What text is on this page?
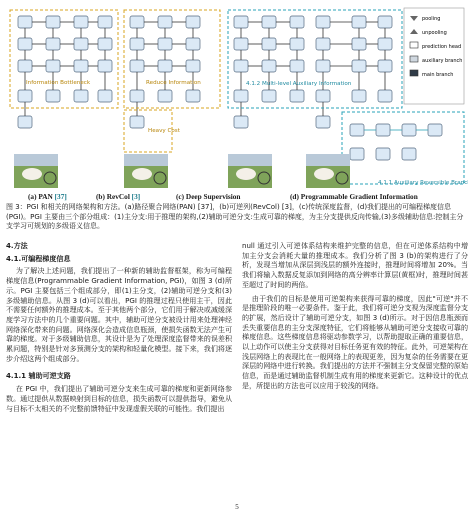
Information Bottleneck	Reduce Information
Heavy Cost
4.1.2 Multi-level Auxiliary Information
4.1.1 Auxiliary Reversible Branch
pooling
unpooling
prediction head
auxiliary branch
main branch
(a) PAN [37]	(b) RevCol [3]	(c) Deep Supervision	(d) Programmable Gradient Information
图 3：PGI 和相关的网络架构和方法。(a)路径聚合网络(PAN) [37]，(b)可逆列(RevCol) [3]，(c)传统深度监督，(d)我们提出的可编程梯度信息(PGI)。PGI 主要由三个部分组成：(1)主分支:用于推理的架构,(2)辅助可逆分支:生成可靠的梯度，为主分支提供反向传输,(3)多级辅助信息:控制主分支学习可规划的多级语义信息。
4.方法
4.1.可编程梯度信息

为了解决上述问题，我们提出了一种新的辅助监督框架，称为可编程梯度信息(Programmable Gradient Information, PGI)，如图 3 (d)所示。PGI 主要包括三个组成部分，即(1)主分支，(2)辅助可逆分支和(3)多级辅助信息。从图 3 (d)可以看出，PGI 的推理过程只使用主干，因此不需要任何额外的推理成本。至于其他两个部分，它们用于解决或减缓深度学习方法中的几个重要问题。其中，辅助可逆分支被设计用来处理神经网络深化带来的问题。网络深化会造成信息瓶颈，使损失函数无法产生可靠的梯度。对于多级辅助信息，其设计是为了处理深度监督带来的误差积累问题，特别是针对多预测分支的架构和轻量化模型。接下来，我们将逐步介绍这两个组成部分。

4.1.1 辅助可逆支路

在 PGI 中，我们提出了辅助可逆分支来生成可靠的梯度和更新网络参数。通过提供从数据映射到目标的信息，损失函数可以提供指导，避免从与目标不太相关的不完整前馈特征中发现虚假关联的可能性。我们提出

null 通过引入可逆体系结构来维护完整的信息，但在可逆体系结构中增加主分支会消耗大量的推理成本。我们分析了图 3 (b)的架构进行了分析，发现当增加从深层到浅层的额外连接时，推理时间将增加 20%。当我们将输入数据反复添加到网络的高分辨率计算层(黄框)时，推理时间甚至超过了时间的两倍。

由于我们的目标是使用可逆架构来获得可靠的梯度，因此"可逆"并不是推理阶段的唯一必要条件。鉴于此，我们将可逆分支视为深度监督分支的扩展，然后设计了辅助可逆分支，如图 3 (d)所示。对于因信息瓶颈而丢失重要信息的主分支深度特征，它们将能够从辅助可逆分支接收可靠的梯度信息。这些梯度信息将驱动参数学习，以帮助提取正确的重要信息，以上动作可以使主分支获得对目标任务更有效的特征。此外，可逆架构在浅层网络上的表现比在一般网络上的表现更差，因为复杂的任务需要在更深层的网络中进行转换。我们提出的方法并不强制主分支保留完整的原始信息，而是通过辅助监督机制生成有用的梯度来更新它。这种设计的优点是，所提出的方法也可以应用于较浅的网络。

5
